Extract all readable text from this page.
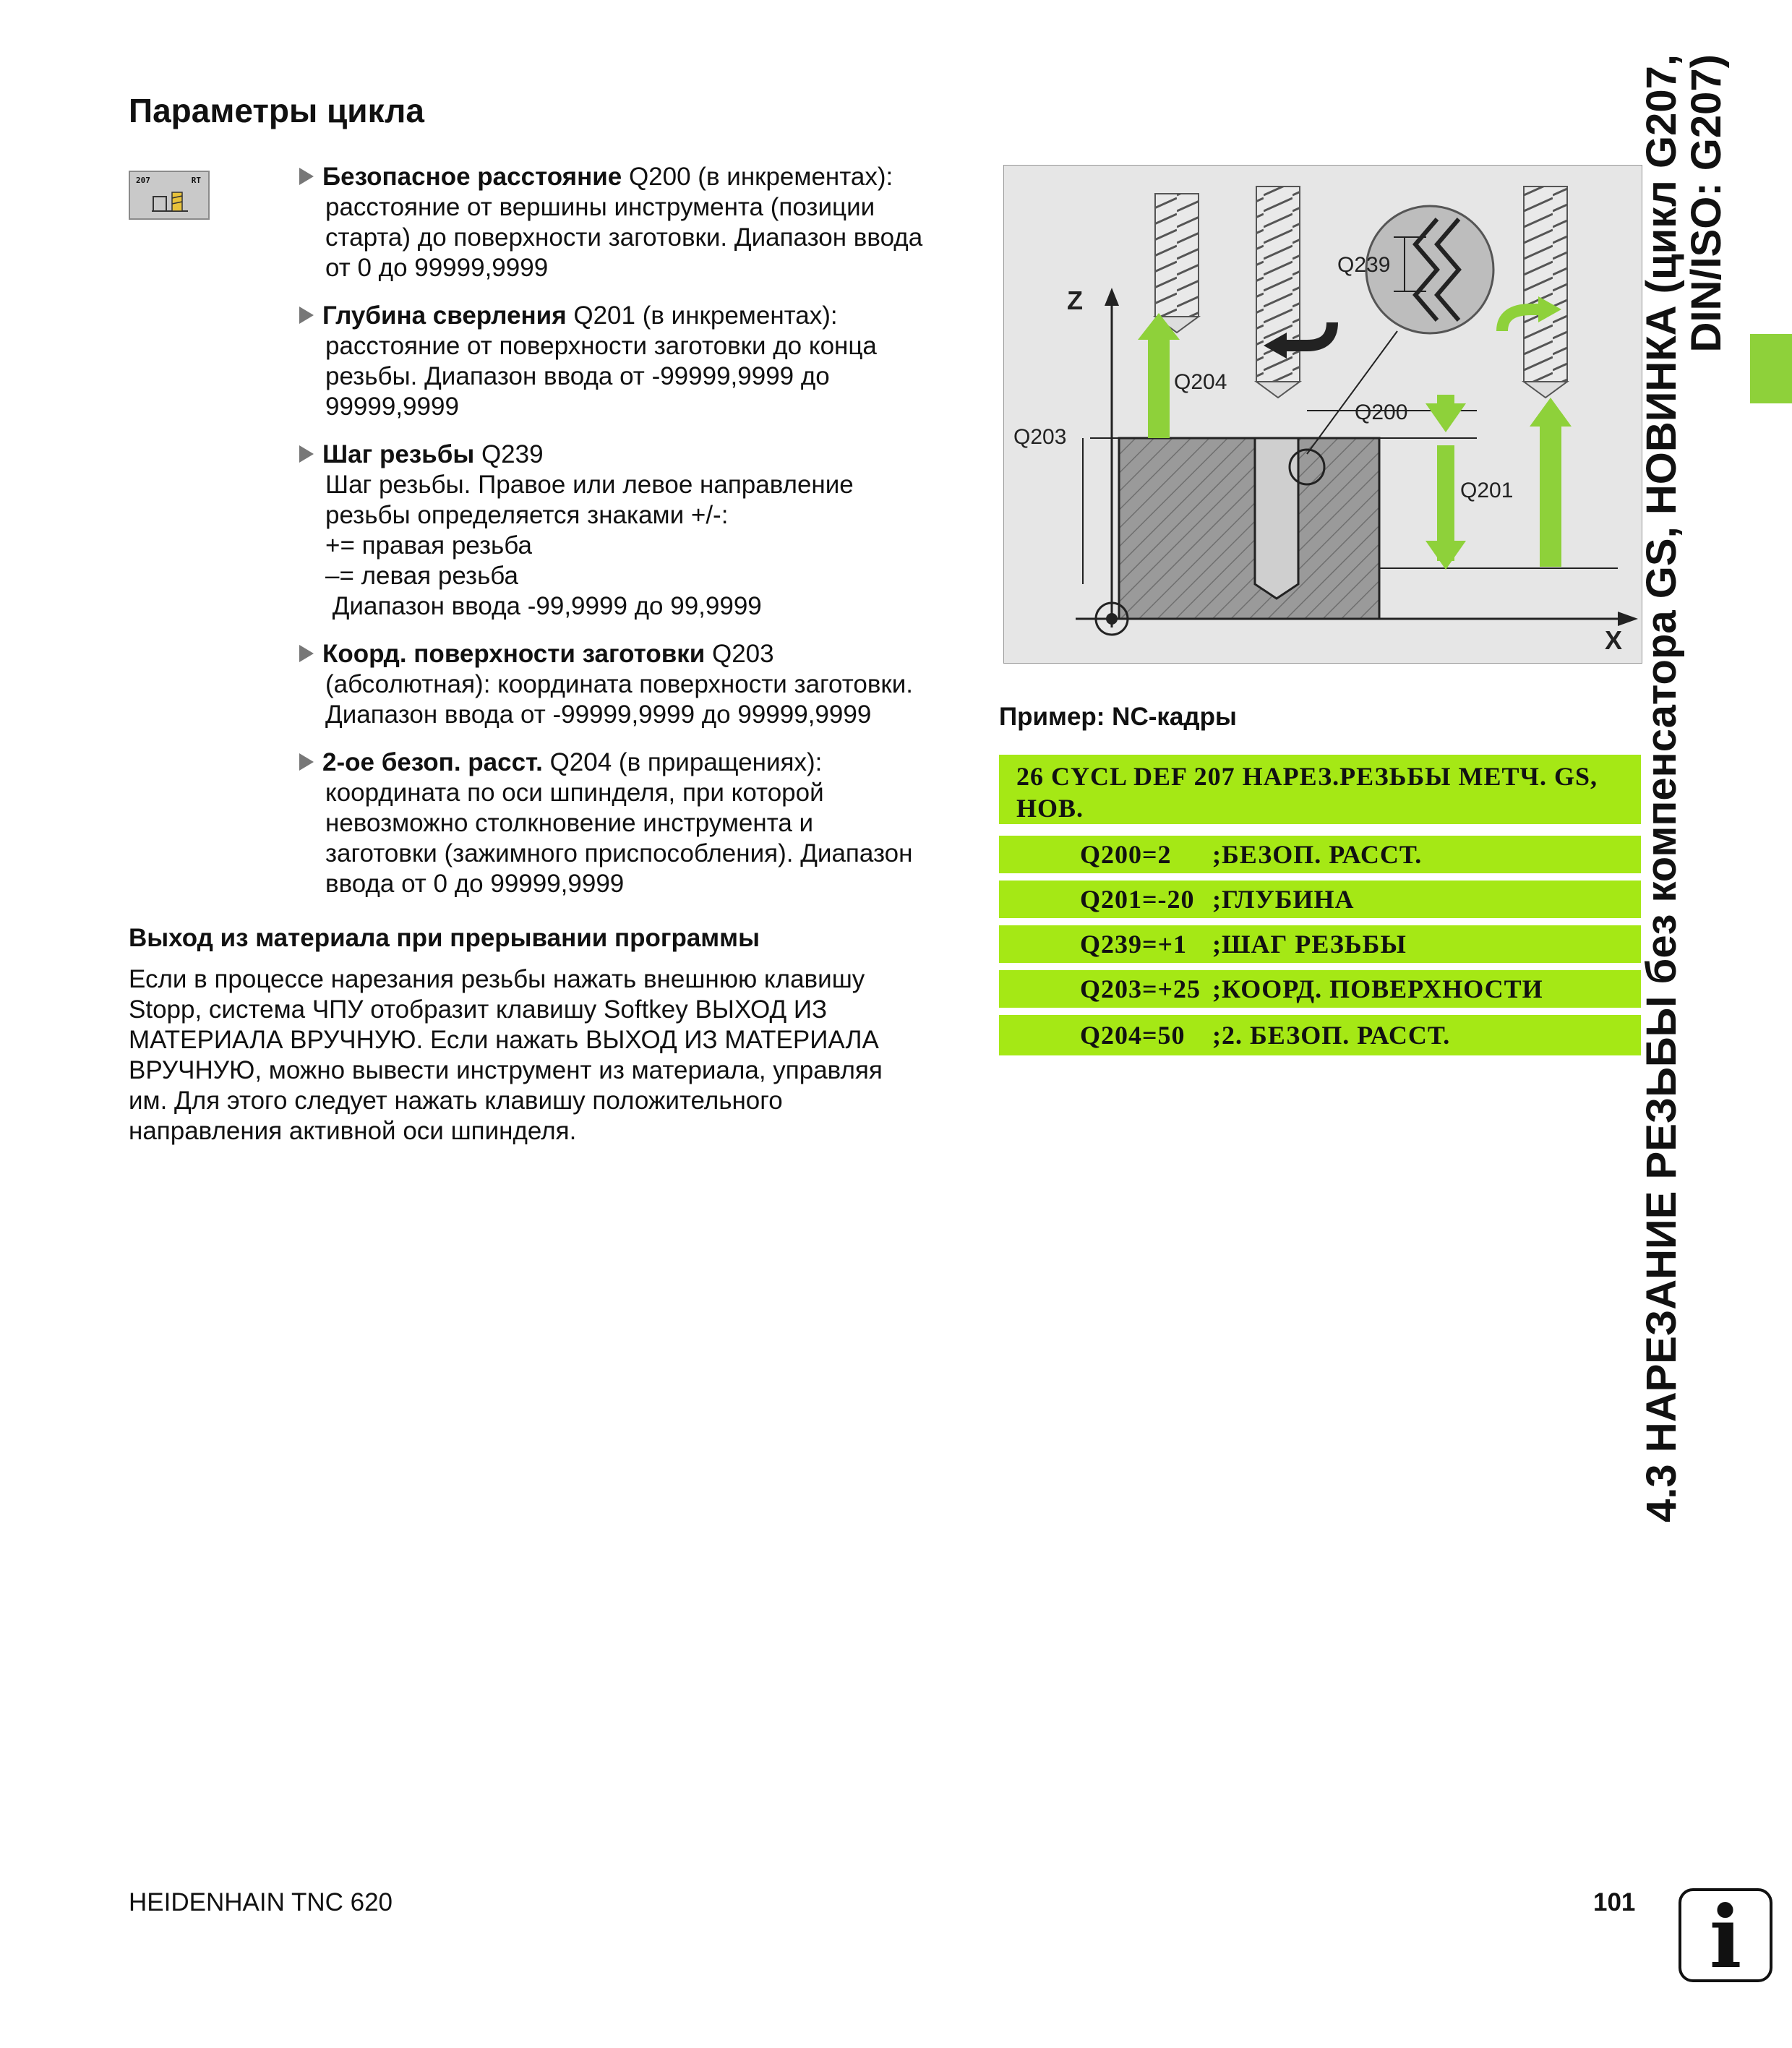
Параметры цикла
207	RT	Безопасное расстояние Q200 (в инкрементах):
расстояние от вершины инструмента (позиции
старта) до поверхности заготовки. Диапазон ввода
от 0 до 99999,9999
Глубина сверления Q201 (в инкрементах):
расстояние от поверхности заготовки до конца
резьбы. Диапазон ввода от -99999,9999 до
99999,9999
Шаг резьбы Q239
Шаг резьбы. Правое или левое направление
резьбы определяется знаками +/-:
+= правая резьба
–= левая резьба
Диапазон ввода -99,9999 до 99,9999
Коорд. поверхности заготовки Q203
(абсолютная): координата поверхности заготовки.
Диапазон ввода от -99999,9999 до 99999,9999
2-ое безоп. расст. Q204 (в приращениях):
координата по оси шпинделя, при которой
невозможно столкновение инструмента и
заготовки (зажимного приспособления). Диапазон
ввода от 0 до 99999,9999
Выход из материала при прерывании программы
Если в процессе нарезания резьбы нажать внешнюю клавишу
Stopp, система ЧПУ отобразит клавишу Softkey ВЫХОД ИЗ
МАТЕРИАЛА ВРУЧНУЮ. Если нажать ВЫХОД ИЗ МАТЕРИАЛА
ВРУЧНУЮ, можно вывести инструмент из материала, управляя
им. Для этого следует нажать клавишу положительного
направления активной оси шпинделя.
Z
X
Q239
Q204
Q203
Q200
Q201
Пример: NC-кадры
26 CYCL DEF 207 НАРЕЗ.РЕЗЬБЫ МЕТЧ. GS,
НОВ.
Q200=2 ;БЕЗОП. РАССТ.
Q201=-20 ;ГЛУБИНА
Q239=+1 ;ШАГ РЕЗЬБЫ
Q203=+25 ;КООРД. ПОВЕРХНОСТИ
Q204=50 ;2. БЕЗОП. РАССТ.	4.3 НАРЕЗАНИЕ РЕЗЬБЫ без компенсатора GS, НОВИНКА (цикл G207,
DIN/ISO: G207)
HEIDENHAIN TNC 620	101 i
